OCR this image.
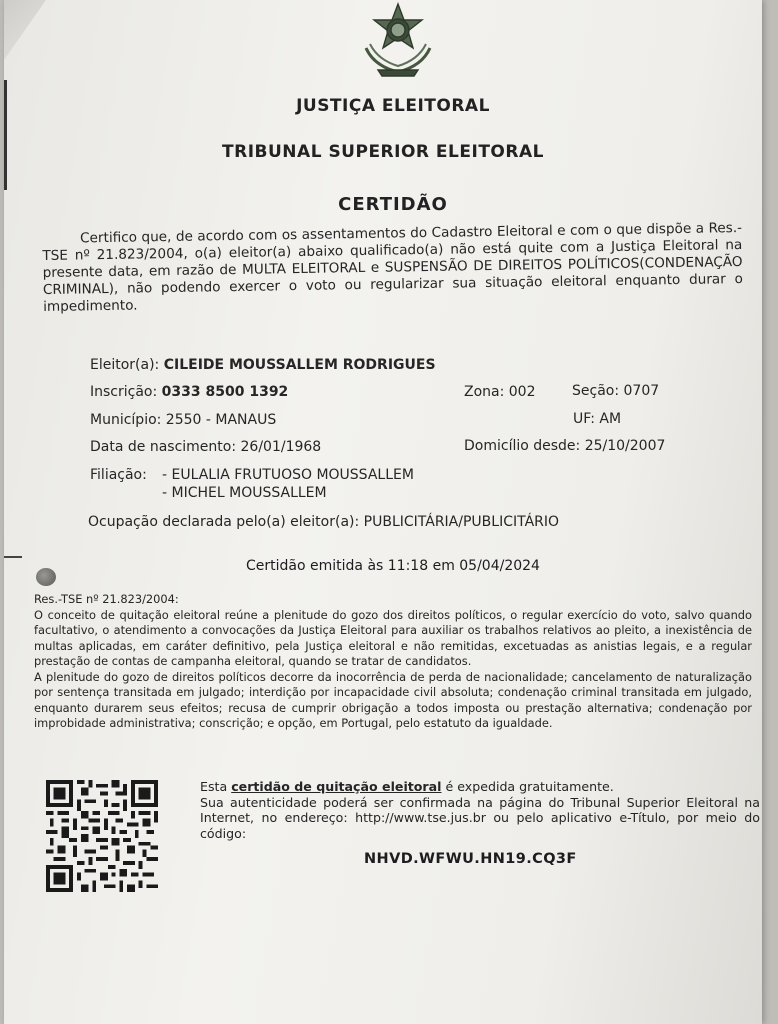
JUSTIÇA ELEITORAL
TRIBUNAL SUPERIOR ELEITORAL
CERTIDÃO
Certifico que, de acordo com os assentamentos do Cadastro Eleitoral e com o que dispõe a Res.-TSE nº 21.823/2004, o(a) eleitor(a) abaixo qualificado(a) não está quite com a Justiça Eleitoral na presente data, em razão de MULTA ELEITORAL e SUSPENSÃO DE DIREITOS POLÍTICOS(CONDENAÇÃO CRIMINAL), não podendo exercer o voto ou regularizar sua situação eleitoral enquanto durar o impedimento.
Eleitor(a): CILEIDE MOUSSALLEM RODRIGUES
Inscrição: 0333 8500 1392	Zona: 002	Seção: 0707
Município: 2550 - MANAUS	UF: AM
Data de nascimento: 26/01/1968	Domicílio desde: 25/10/2007
Filiação: - EULALIA FRUTUOSO MOUSSALLEM
- MICHEL MOUSSALLEM
Ocupação declarada pelo(a) eleitor(a): PUBLICITÁRIA/PUBLICITÁRIO
Certidão emitida às 11:18 em 05/04/2024

Res.-TSE nº 21.823/2004:

O conceito de quitação eleitoral reúne a plenitude do gozo dos direitos políticos, o regular exercício do voto, salvo quando facultativo, o atendimento a convocações da Justiça Eleitoral para auxiliar os trabalhos relativos ao pleito, a inexistência de multas aplicadas, em caráter definitivo, pela Justiça eleitoral e não remitidas, excetuadas as anistias legais, e a regular prestação de contas de campanha eleitoral, quando se tratar de candidatos.

A plenitude do gozo de direitos políticos decorre da inocorrência de perda de nacionalidade; cancelamento de naturalização por sentença transitada em julgado; interdição por incapacidade civil absoluta; condenação criminal transitada em julgado, enquanto durarem seus efeitos; recusa de cumprir obrigação a todos imposta ou prestação alternativa; condenação por improbidade administrativa; conscrição; e opção, em Portugal, pelo estatuto da igualdade.

Esta certidão de quitação eleitoral é expedida gratuitamente.
Sua autenticidade poderá ser confirmada na página do Tribunal Superior Eleitoral na Internet, no endereço: http://www.tse.jus.br ou pelo aplicativo e-Título, por meio do código:
NHVD.WFWU.HN19.CQ3F
